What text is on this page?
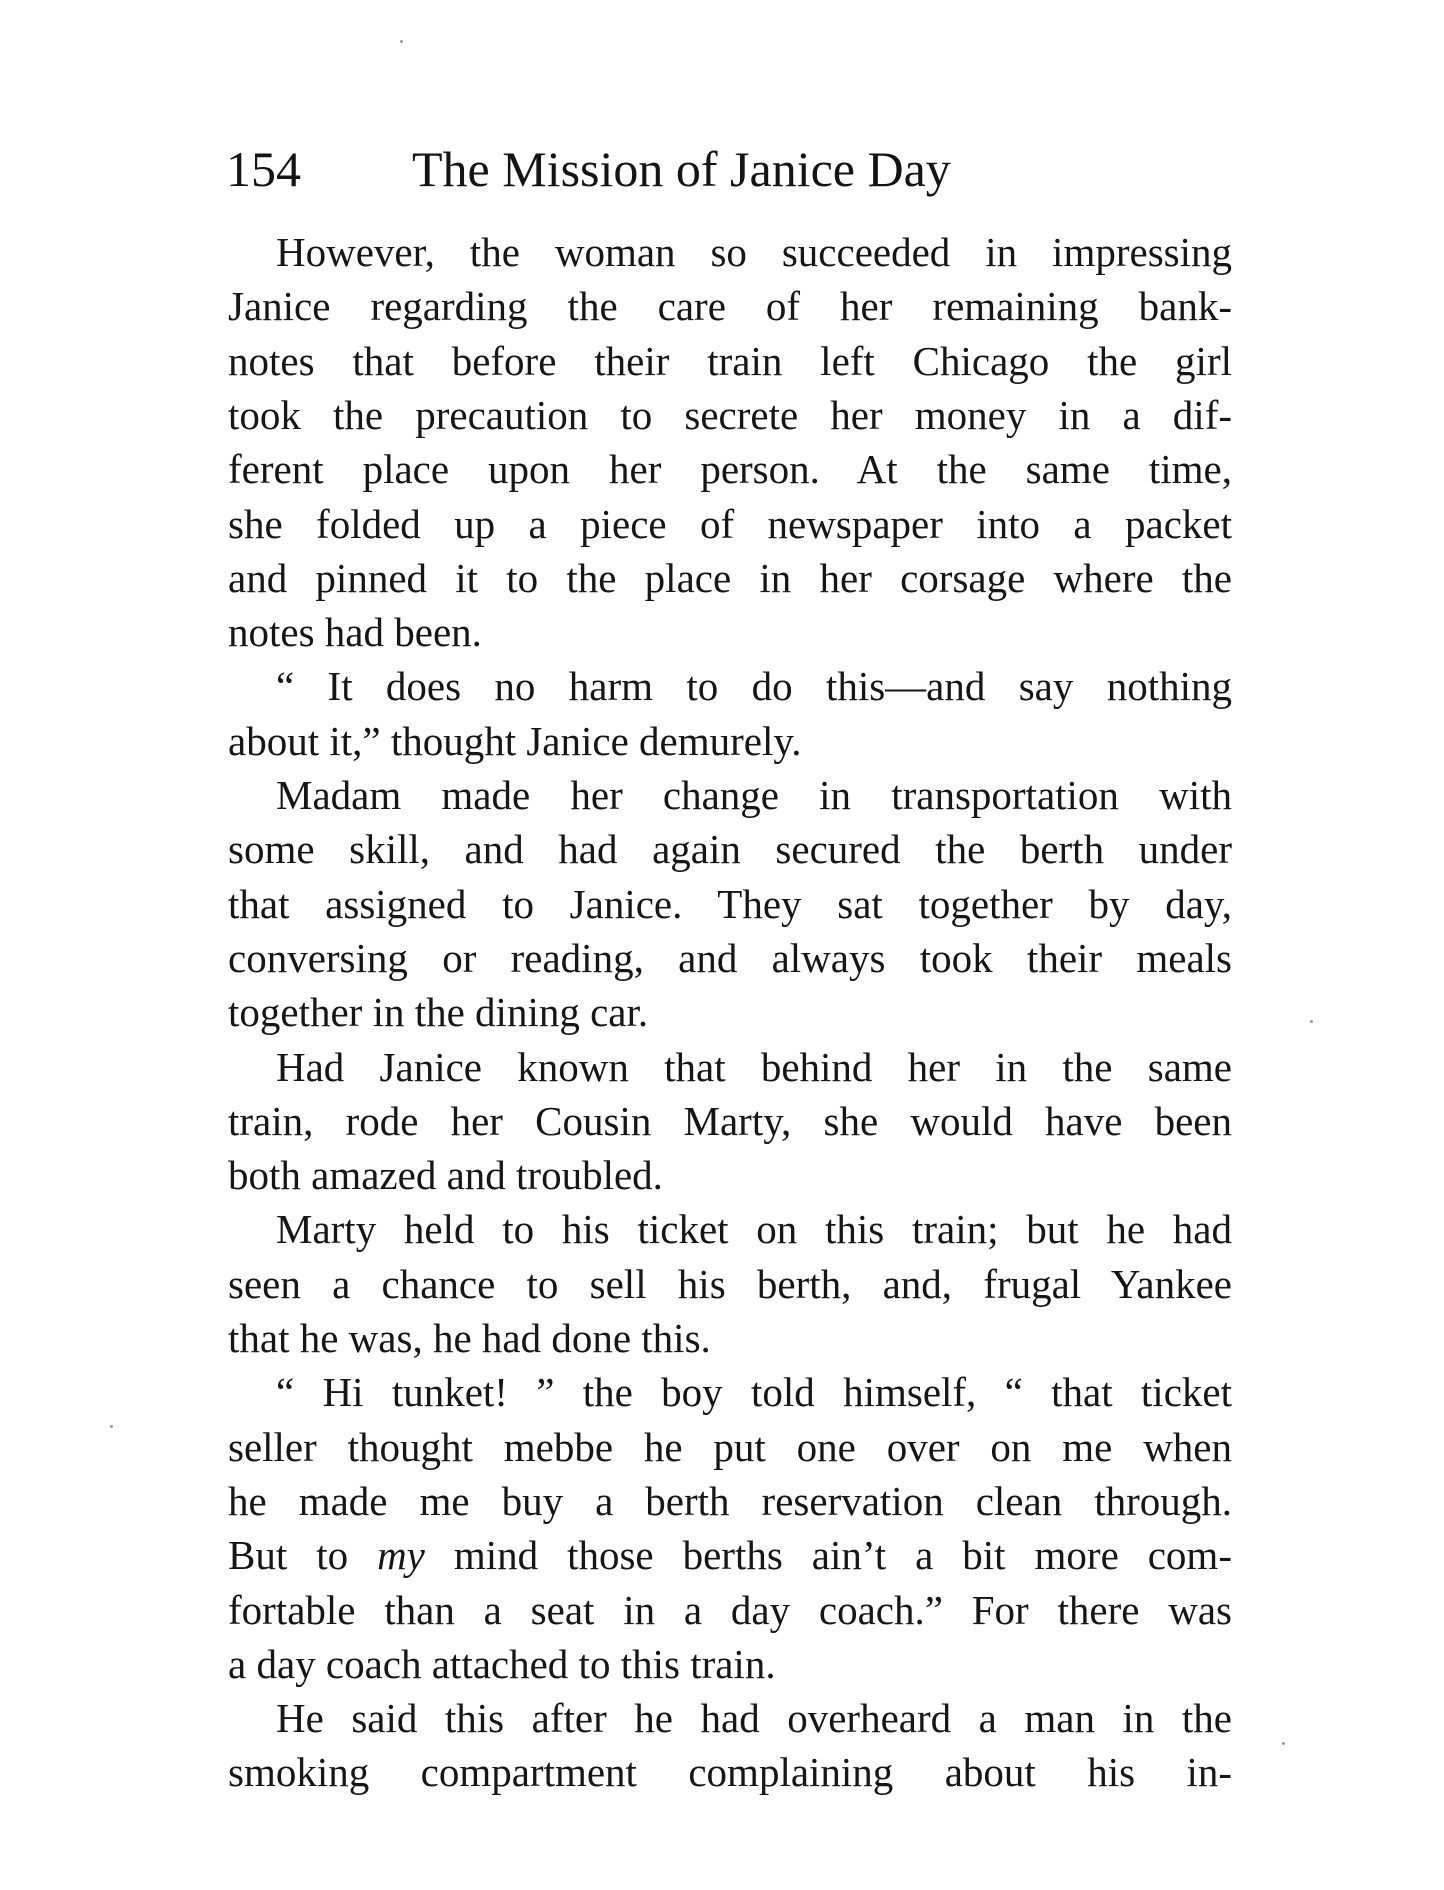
154 The Mission of Janice Day
However, the woman so succeeded in impressing
Janice regarding the care of her remaining bank-
notes that before their train left Chicago the girl
took the precaution to secrete her money in a dif-
ferent place upon her person. At the same time,
she folded up a piece of newspaper into a packet
and pinned it to the place in her corsage where the
notes had been.
“ It does no harm to do this—and say nothing
about it,” thought Janice demurely.
Madam made her change in transportation with
some skill, and had again secured the berth under
that assigned to Janice. They sat together by day,
conversing or reading, and always took their meals
together in the dining car.
Had Janice known that behind her in the same
train, rode her Cousin Marty, she would have been
both amazed and troubled.
Marty held to his ticket on this train; but he had
seen a chance to sell his berth, and, frugal Yankee
that he was, he had done this.
“ Hi tunket! ” the boy told himself, “ that ticket
seller thought mebbe he put one over on me when
he made me buy a berth reservation clean through.
But to my mind those berths ain’t a bit more com-
fortable than a seat in a day coach.” For there was
a day coach attached to this train.
He said this after he had overheard a man in the
smoking compartment complaining about his in-
